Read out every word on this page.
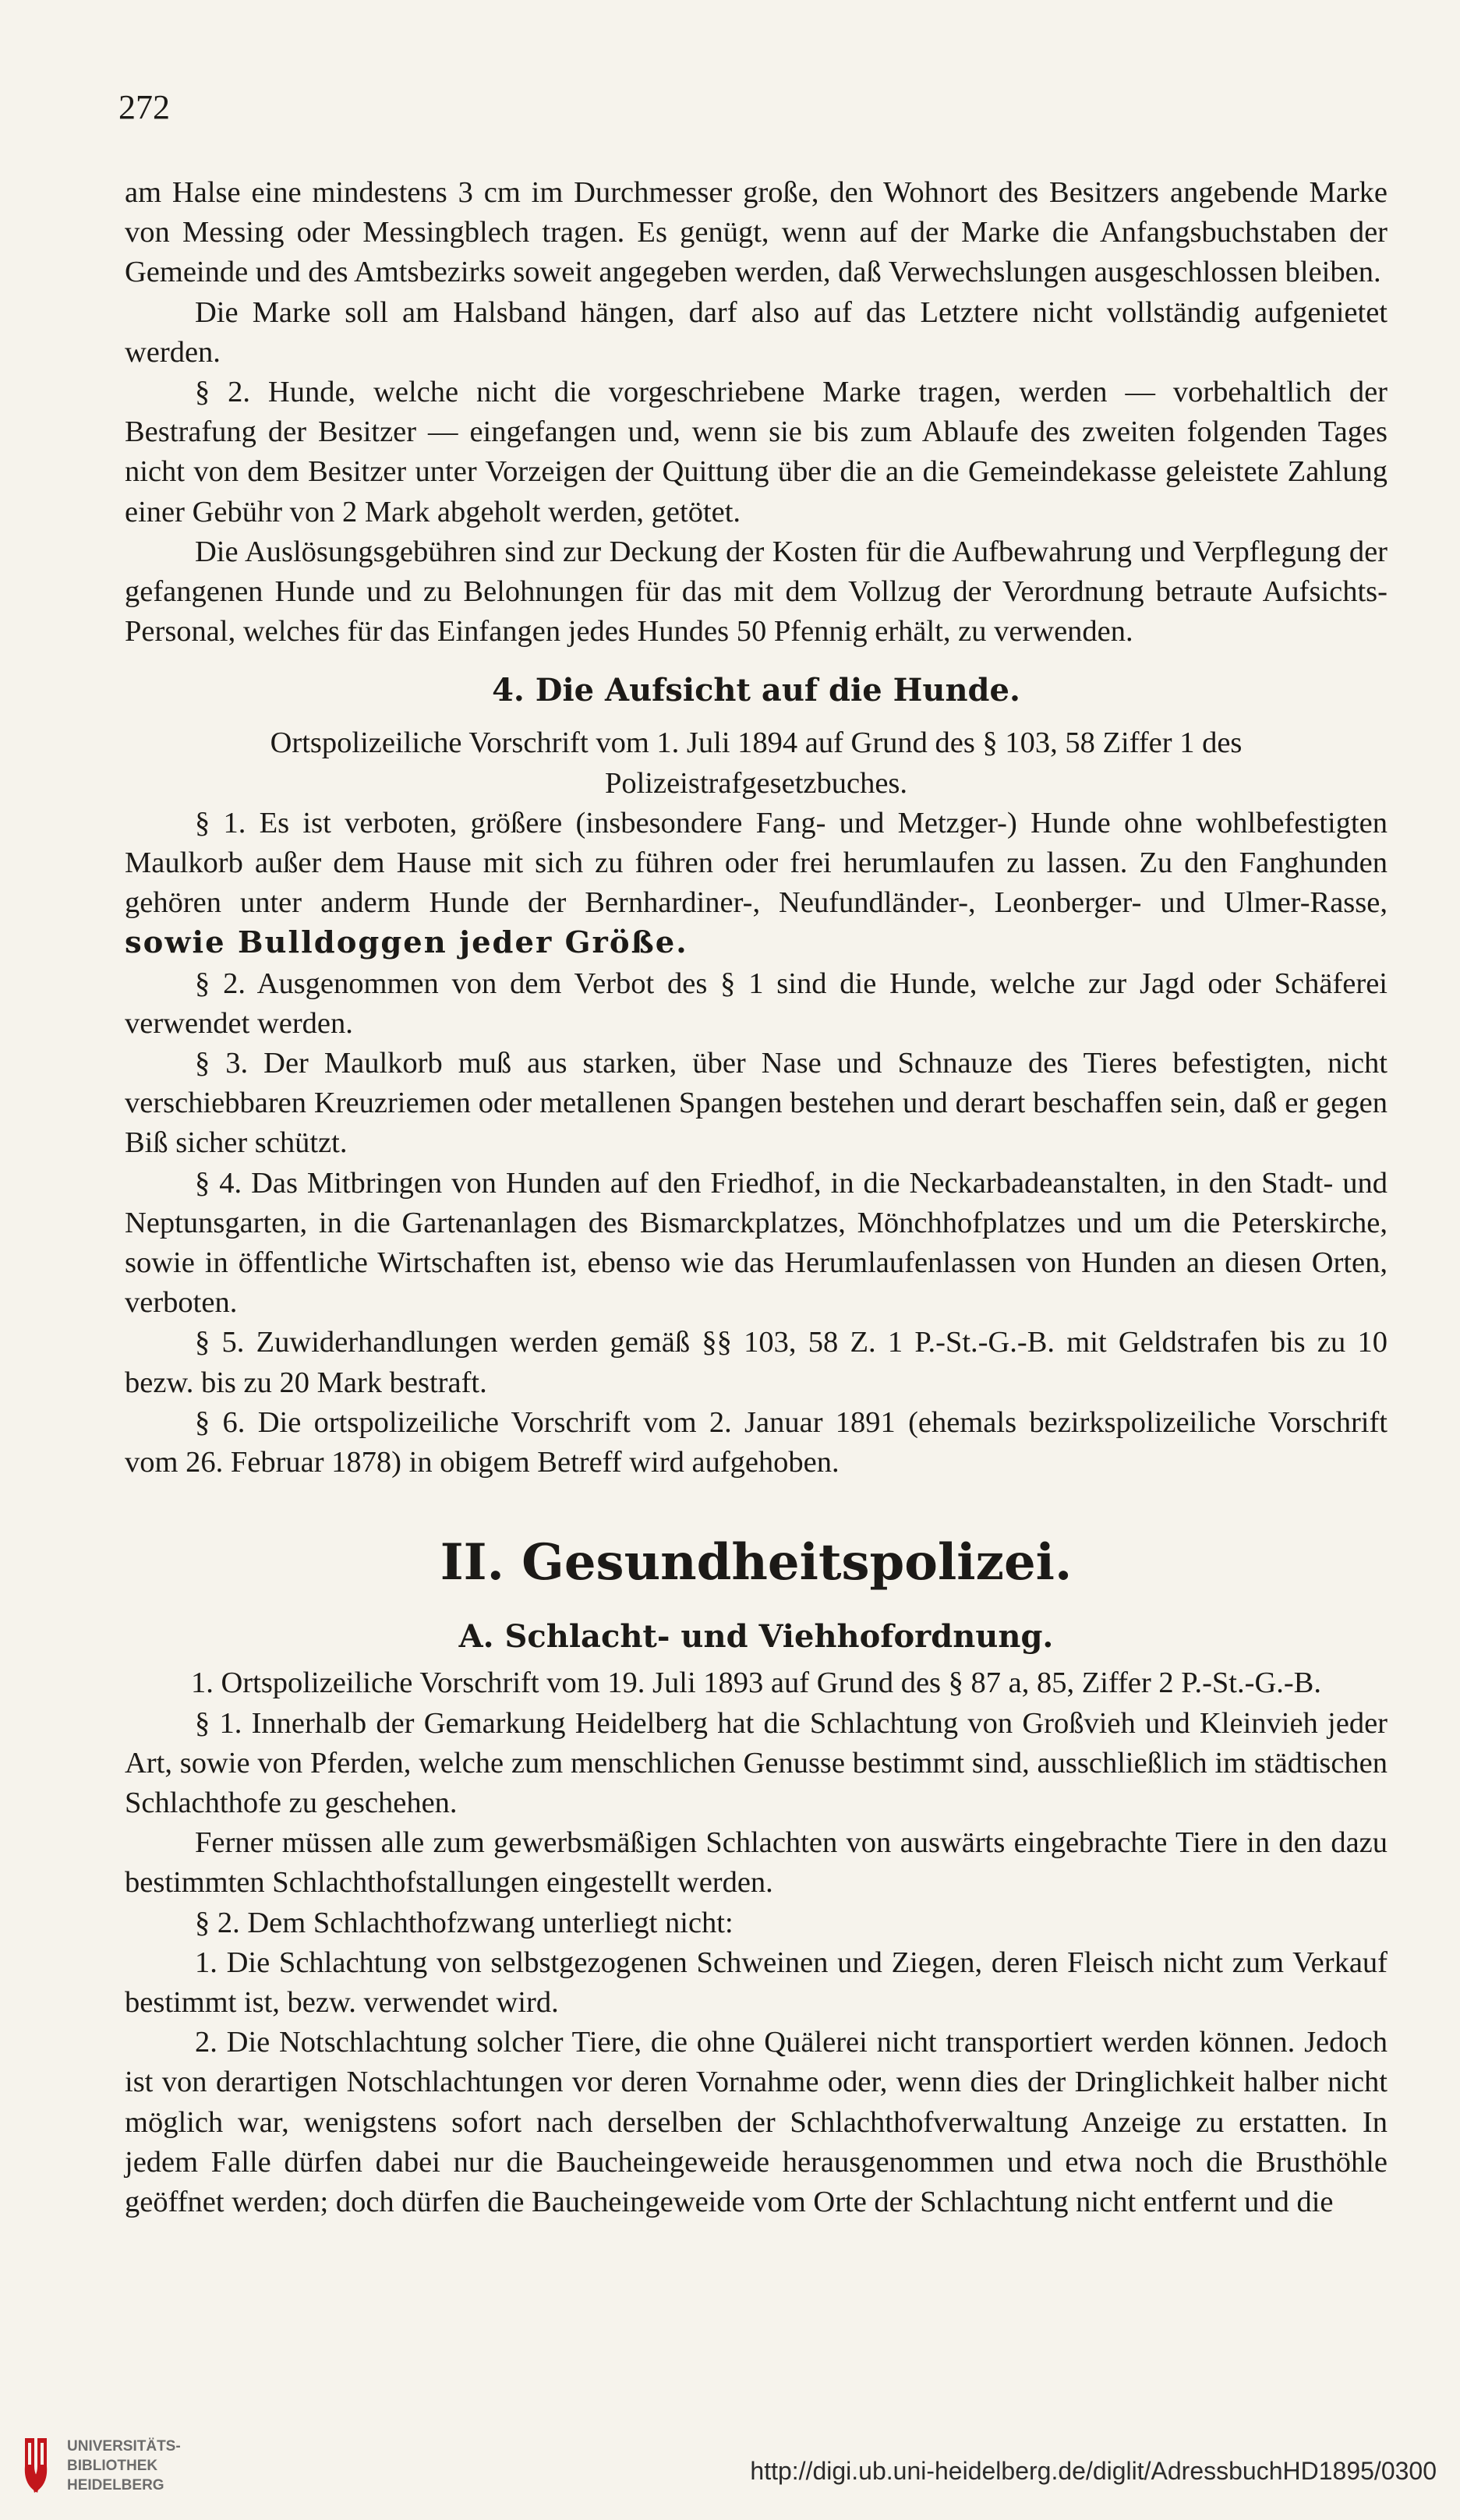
272

am Halse eine mindestens 3 cm im Durchmesser große, den Wohnort des Besitzers angebende Marke von Messing oder Messingblech tragen. Es genügt, wenn auf der Marke die Anfangsbuchstaben der Gemeinde und des Amtsbezirks soweit angegeben werden, daß Verwechslungen ausgeschlossen bleiben.

Die Marke soll am Halsband hängen, darf also auf das Letztere nicht vollständig aufgenietet werden.

§ 2. Hunde, welche nicht die vorgeschriebene Marke tragen, werden — vorbehaltlich der Bestrafung der Besitzer — eingefangen und, wenn sie bis zum Ablaufe des zweiten folgenden Tages nicht von dem Besitzer unter Vorzeigen der Quittung über die an die Gemeindekasse geleistete Zahlung einer Gebühr von 2 Mark abgeholt werden, getötet.

Die Auslösungsgebühren sind zur Deckung der Kosten für die Aufbewahrung und Verpflegung der gefangenen Hunde und zu Belohnungen für das mit dem Vollzug der Verordnung betraute Aufsichts-Personal, welches für das Einfangen jedes Hundes 50 Pfennig erhält, zu verwenden.

4. Die Aufsicht auf die Hunde.

Ortspolizeiliche Vorschrift vom 1. Juli 1894 auf Grund des § 103, 58 Ziffer 1 des Polizeistrafgesetzbuches.

§ 1. Es ist verboten, größere (insbesondere Fang- und Metzger-) Hunde ohne wohlbefestigten Maulkorb außer dem Hause mit sich zu führen oder frei herumlaufen zu lassen. Zu den Fanghunden gehören unter anderm Hunde der Bernhardiner-, Neufundländer-, Leonberger- und Ulmer-Rasse, sowie Bulldoggen jeder Größe.

§ 2. Ausgenommen von dem Verbot des § 1 sind die Hunde, welche zur Jagd oder Schäferei verwendet werden.

§ 3. Der Maulkorb muß aus starken, über Nase und Schnauze des Tieres befestigten, nicht verschiebbaren Kreuzriemen oder metallenen Spangen bestehen und derart beschaffen sein, daß er gegen Biß sicher schützt.

§ 4. Das Mitbringen von Hunden auf den Friedhof, in die Neckarbadeanstalten, in den Stadt- und Neptunsgarten, in die Gartenanlagen des Bismarckplatzes, Mönchhofplatzes und um die Peterskirche, sowie in öffentliche Wirtschaften ist, ebenso wie das Herumlaufenlassen von Hunden an diesen Orten, verboten.

§ 5. Zuwiderhandlungen werden gemäß §§ 103, 58 Z. 1 P.-St.-G.-B. mit Geldstrafen bis zu 10 bezw. bis zu 20 Mark bestraft.

§ 6. Die ortspolizeiliche Vorschrift vom 2. Januar 1891 (ehemals bezirkspolizeiliche Vorschrift vom 26. Februar 1878) in obigem Betreff wird aufgehoben.

II. Gesundheitspolizei.

A. Schlacht- und Viehhofordnung.

1. Ortspolizeiliche Vorschrift vom 19. Juli 1893 auf Grund des § 87 a, 85, Ziffer 2 P.-St.-G.-B.

§ 1. Innerhalb der Gemarkung Heidelberg hat die Schlachtung von Großvieh und Kleinvieh jeder Art, sowie von Pferden, welche zum menschlichen Genusse bestimmt sind, ausschließlich im städtischen Schlachthofe zu geschehen.

Ferner müssen alle zum gewerbsmäßigen Schlachten von auswärts eingebrachte Tiere in den dazu bestimmten Schlachthofstallungen eingestellt werden.

§ 2. Dem Schlachthofzwang unterliegt nicht:

1. Die Schlachtung von selbstgezogenen Schweinen und Ziegen, deren Fleisch nicht zum Verkauf bestimmt ist, bezw. verwendet wird.

2. Die Notschlachtung solcher Tiere, die ohne Quälerei nicht transportiert werden können. Jedoch ist von derartigen Notschlachtungen vor deren Vornahme oder, wenn dies der Dringlichkeit halber nicht möglich war, wenigstens sofort nach derselben der Schlachthofverwaltung Anzeige zu erstatten. In jedem Falle dürfen dabei nur die Baucheingeweide herausgenommen und etwa noch die Brusthöhle geöffnet werden; doch dürfen die Baucheingeweide vom Orte der Schlachtung nicht entfernt und die

UNIVERSITÄTS-
BIBLIOTHEK
HEIDELBERG
http://digi.ub.uni-heidelberg.de/diglit/AdressbuchHD1895/0300
